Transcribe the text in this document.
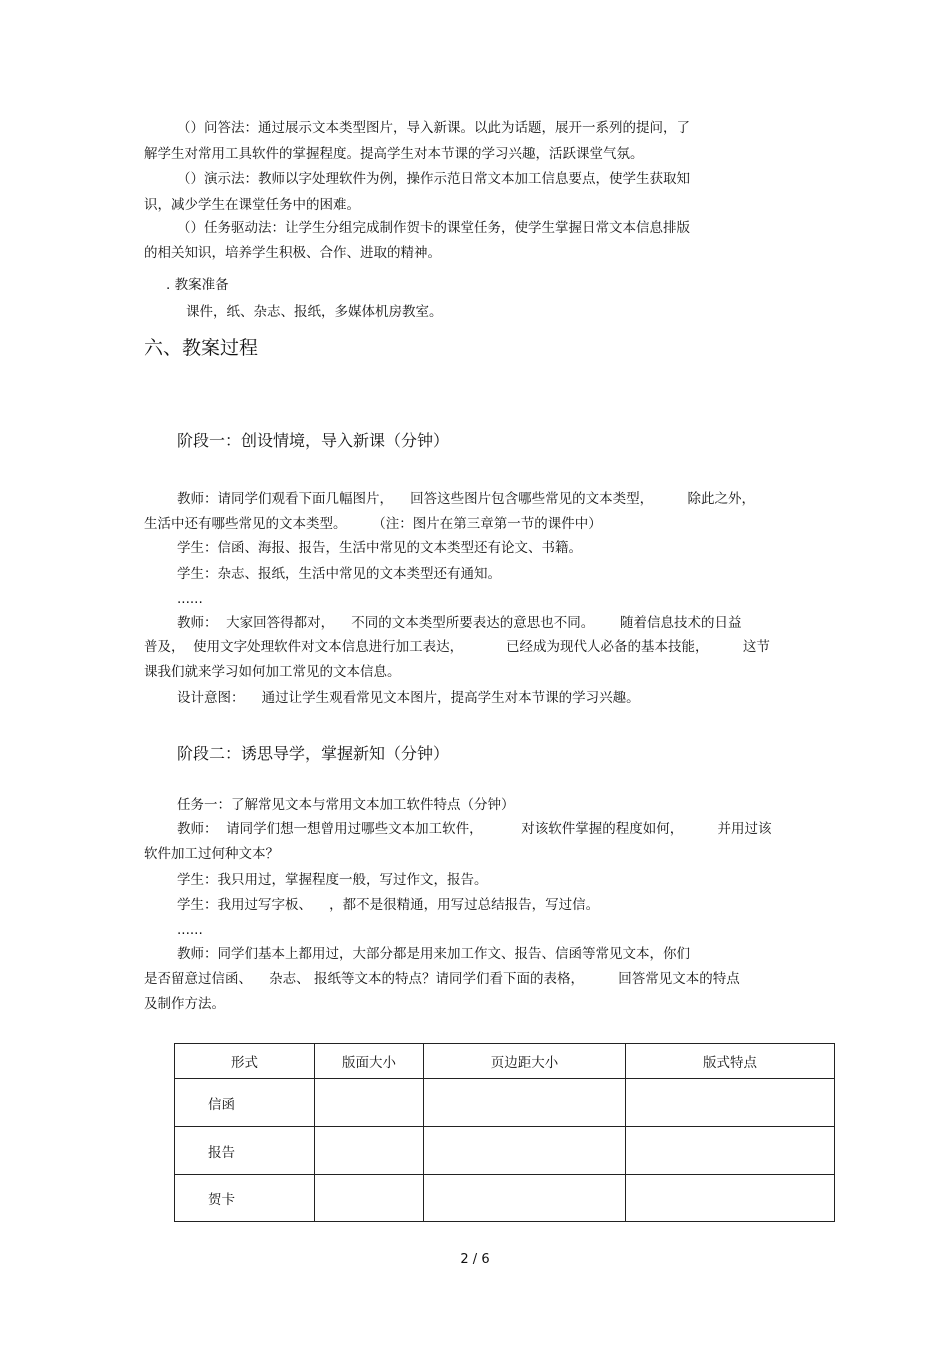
（）问答法：通过展示文本类型图片，导入新课。以此为话题，展开一系列的提问，了
解学生对常用工具软件的掌握程度。提高学生对本节课的学习兴趣，活跃课堂气氛。
（）演示法：教师以字处理软件为例，操作示范日常文本加工信息要点，使学生获取知
识，减少学生在课堂任务中的困难。
（）任务驱动法：让学生分组完成制作贺卡的课堂任务，使学生掌握日常文本信息排版
的相关知识，培养学生积极、合作、进取的精神。
. 教案准备
课件，纸、杂志、报纸，多媒体机房教室。
六、教案过程
阶段一：创设情境，导入新课（分钟）
教师：请同学们观看下面几幅图片，    回答这些图片包含哪些常见的文本类型，        除此之外，
生活中还有哪些常见的文本类型。      （注：图片在第三章第一节的课件中）
学生：信函、海报、报告，生活中常见的文本类型还有论文、书籍。
学生：杂志、报纸，生活中常见的文本类型还有通知。
......
教师：  大家回答得都对，    不同的文本类型所要表达的意思也不同。      随着信息技术的日益
普及，  使用文字处理软件对文本信息进行加工表达，          已经成为现代人必备的基本技能，        这节
课我们就来学习如何加工常见的文本信息。
设计意图：    通过让学生观看常见文本图片，提高学生对本节课的学习兴趣。
阶段二：诱思导学，掌握新知（分钟）
任务一：了解常见文本与常用文本加工软件特点（分钟）
教师：  请同学们想一想曾用过哪些文本加工软件，         对该软件掌握的程度如何，        并用过该
软件加工过何种文本？
学生：我只用过，掌握程度一般，写过作文，报告。
学生：我用过写字板、    ，都不是很精通，用写过总结报告，写过信。
......
教师：同学们基本上都用过，大部分都是用来加工作文、报告、信函等常见文本，你们
是否留意过信函、    杂志、 报纸等文本的特点？请同学们看下面的表格，        回答常见文本的特点
及制作方法。
形式	版面大小	页边距大小	版式特点
信函			
报告			
贺卡			
2 / 6
